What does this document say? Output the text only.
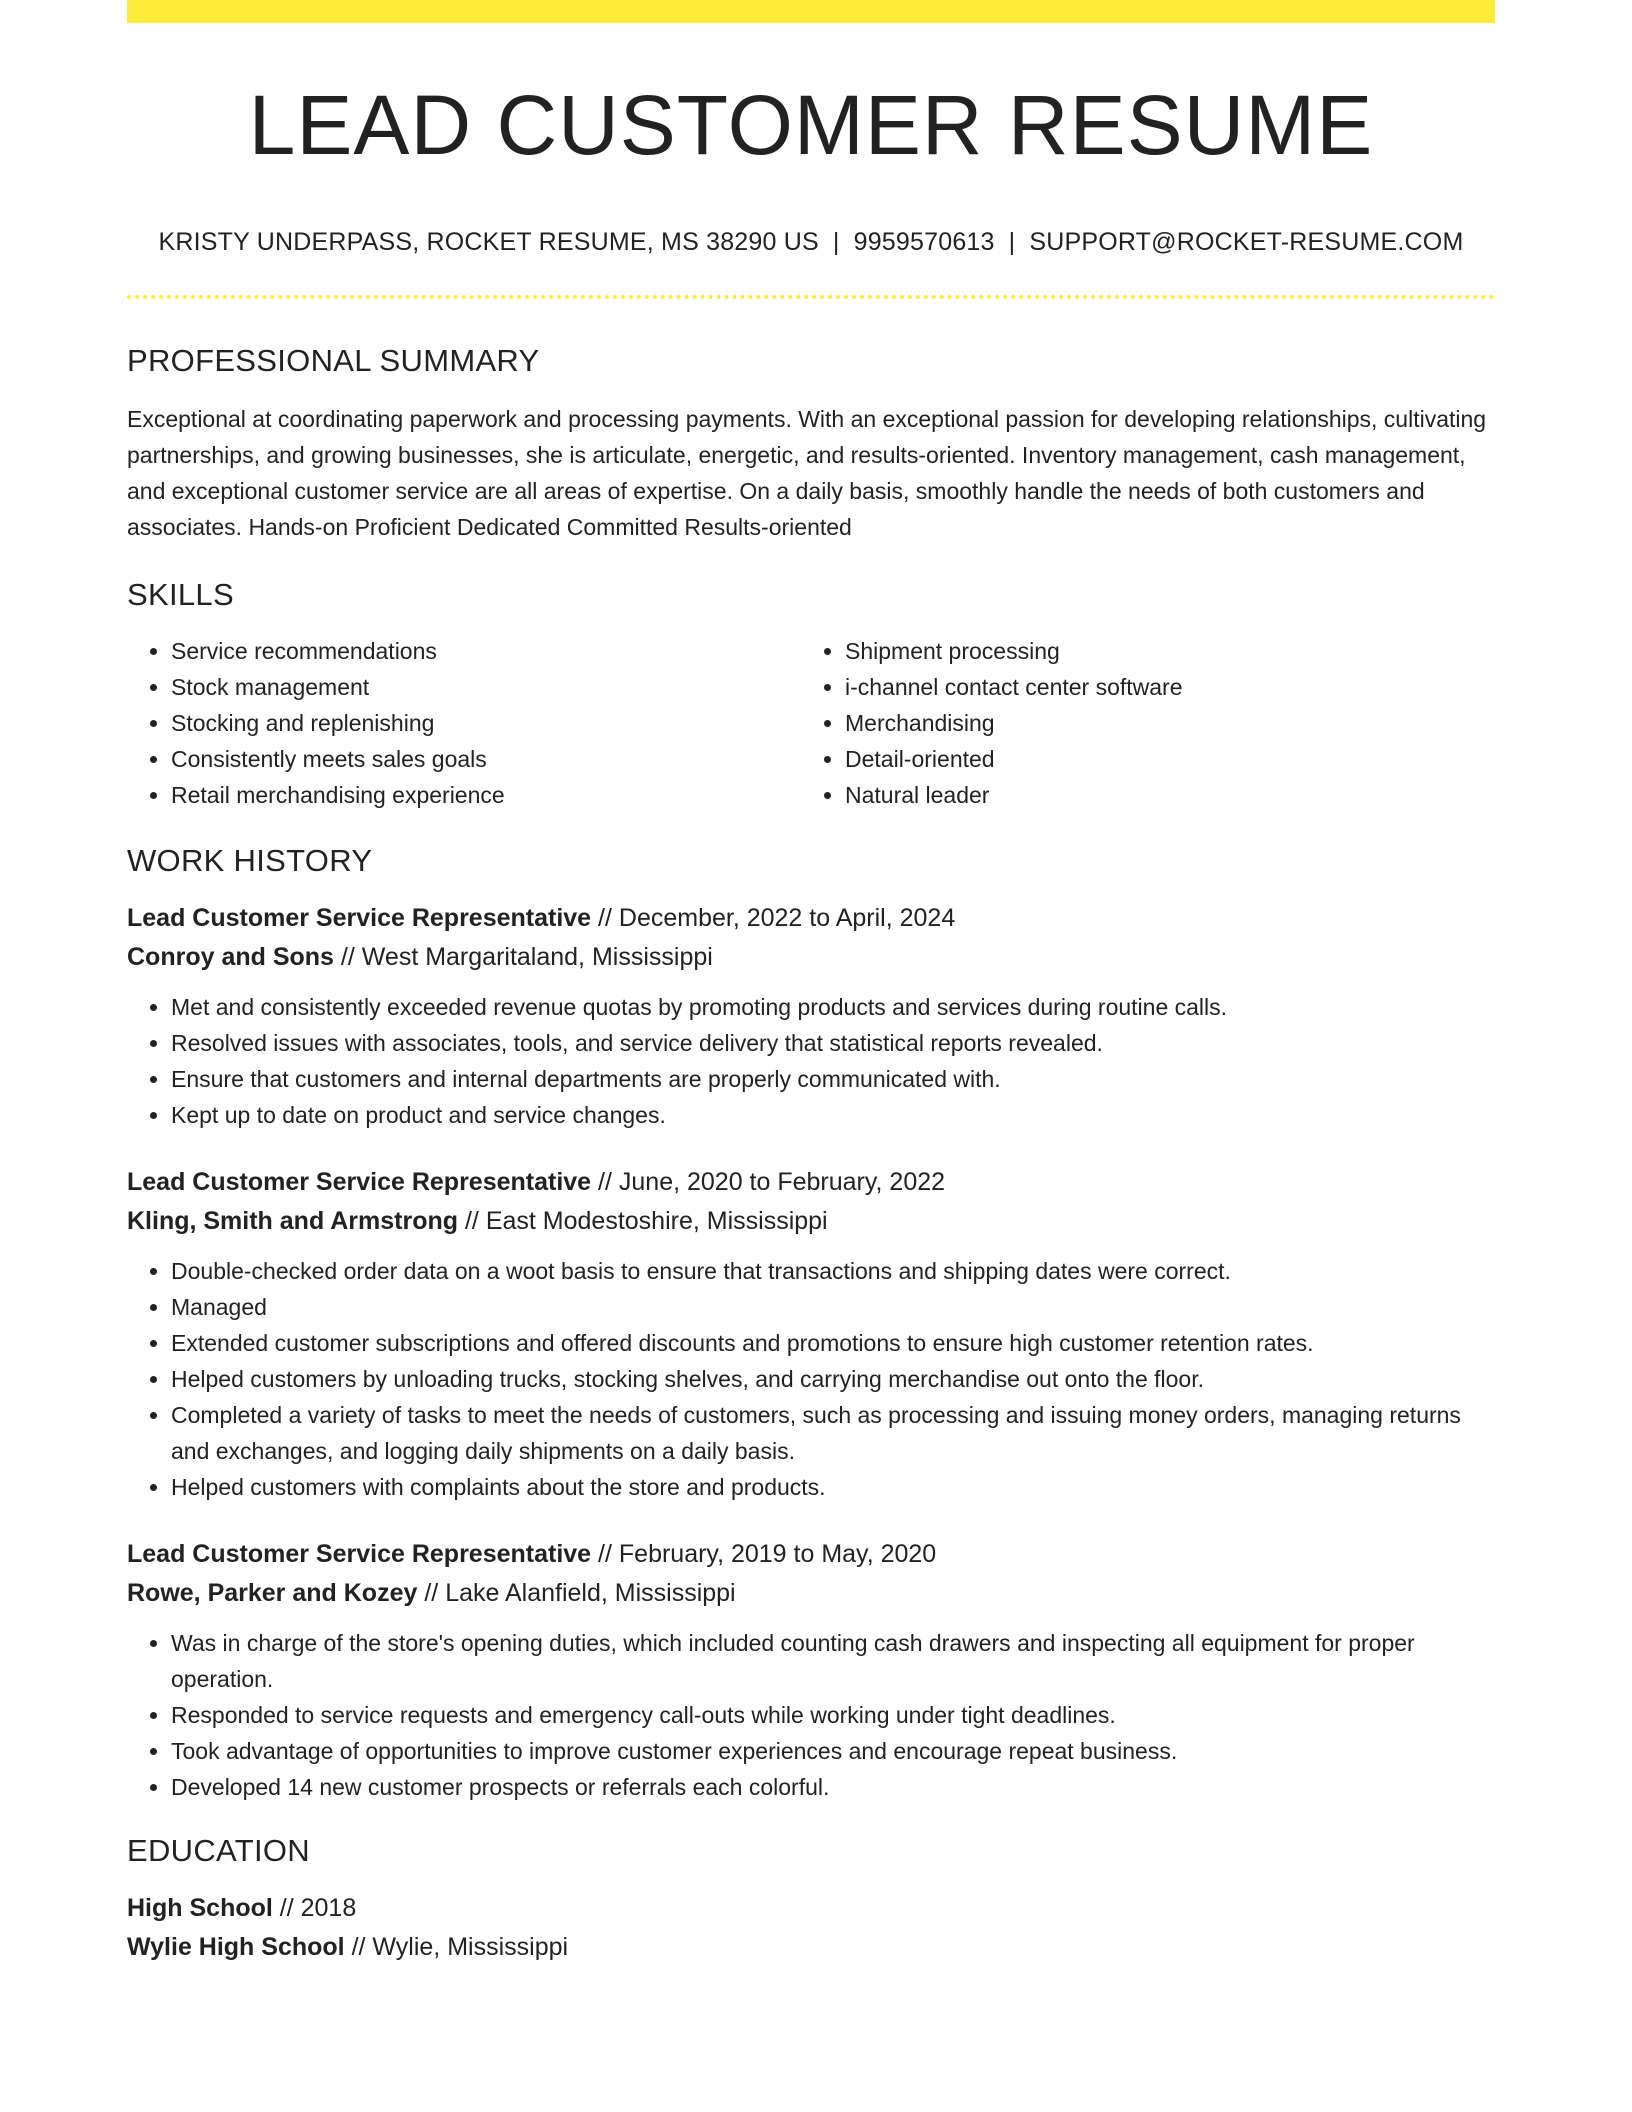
LEAD CUSTOMER RESUME
KRISTY UNDERPASS, ROCKET RESUME, MS 38290 US | 9959570613 | SUPPORT@ROCKET-RESUME.COM
PROFESSIONAL SUMMARY

Exceptional at coordinating paperwork and processing payments. With an exceptional passion for developing relationships, cultivating partnerships, and growing businesses, she is articulate, energetic, and results-oriented. Inventory management, cash management, and exceptional customer service are all areas of expertise. On a daily basis, smoothly handle the needs of both customers and associates. Hands-on Proficient Dedicated Committed Results-oriented

SKILLS
• Service recommendations
• Stock management
• Stocking and replenishing
• Consistently meets sales goals
• Retail merchandising experience
• Shipment processing
• i-channel contact center software
• Merchandising
• Detail-oriented
• Natural leader
WORK HISTORY
Lead Customer Service Representative // December, 2022 to April, 2024
Conroy and Sons // West Margaritaland, Mississippi
• Met and consistently exceeded revenue quotas by promoting products and services during routine calls.
• Resolved issues with associates, tools, and service delivery that statistical reports revealed.
• Ensure that customers and internal departments are properly communicated with.
• Kept up to date on product and service changes.
Lead Customer Service Representative // June, 2020 to February, 2022
Kling, Smith and Armstrong // East Modestoshire, Mississippi
• Double-checked order data on a woot basis to ensure that transactions and shipping dates were correct.
• Managed
• Extended customer subscriptions and offered discounts and promotions to ensure high customer retention rates.
• Helped customers by unloading trucks, stocking shelves, and carrying merchandise out onto the floor.
• Completed a variety of tasks to meet the needs of customers, such as processing and issuing money orders, managing returns and exchanges, and logging daily shipments on a daily basis.
• Helped customers with complaints about the store and products.
Lead Customer Service Representative // February, 2019 to May, 2020
Rowe, Parker and Kozey // Lake Alanfield, Mississippi
• Was in charge of the store's opening duties, which included counting cash drawers and inspecting all equipment for proper operation.
• Responded to service requests and emergency call-outs while working under tight deadlines.
• Took advantage of opportunities to improve customer experiences and encourage repeat business.
• Developed 14 new customer prospects or referrals each colorful.
EDUCATION
High School // 2018
Wylie High School // Wylie, Mississippi
